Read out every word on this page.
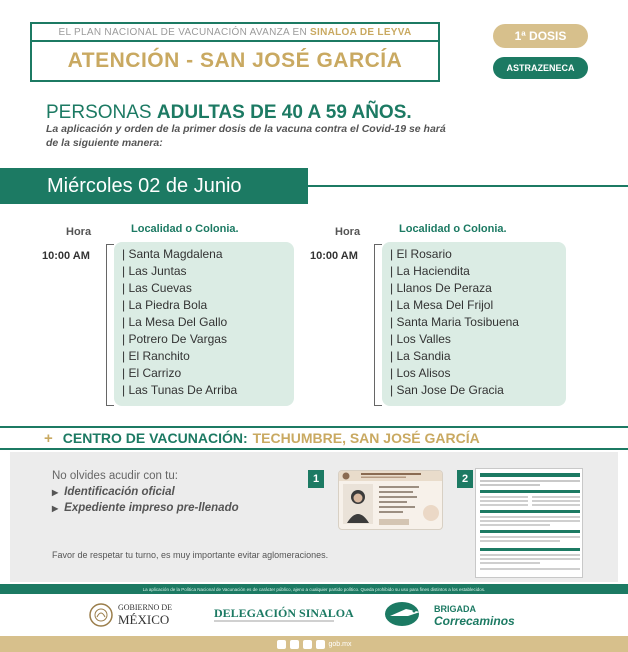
EL PLAN NACIONAL DE VACUNACIÓN AVANZA EN SINALOA DE LEYVA
ATENCIÓN - SAN JOSÉ GARCÍA
1ª DOSIS
ASTRAZENECA
PERSONAS ADULTAS DE 40 A 59 AÑOS.
La aplicación y orden de la primer dosis de la vacuna contra el Covid-19 se hará de la siguiente manera:
Miércoles 02 de Junio
Hora	Localidad o Colonia.
10:00 AM	| Santa Magdalena
| Las Juntas
| Las Cuevas
| La Piedra Bola
| La Mesa Del Gallo
| Potrero De Vargas
| El Ranchito
| El Carrizo
| Las Tunas De Arriba
Hora	Localidad o Colonia.
10:00 AM	| El Rosario
| La Haciendita
| Llanos De Peraza
| La Mesa Del Frijol
| Santa Maria Tosibuena
| Los Valles
| La Sandia
| Los Alisos
| San Jose De Gracia
+ CENTRO DE VACUNACIÓN: TECHUMBRE, SAN JOSÉ GARCÍA
No olvides acudir con tu:
▶ Identificación oficial
▶ Expediente impreso pre-llenado
Favor de respetar tu turno, es muy importante evitar aglomeraciones.
1	2
La aplicación de la Política Nacional de Vacunación es de carácter público, ajeno a cualquier partido político. Queda prohibido su uso para fines distintos a los establecidos.
GOBIERNO DE
MÉXICO	DELEGACIÓN SINALOA	BRIGADA
Correcaminos
gob.mx
